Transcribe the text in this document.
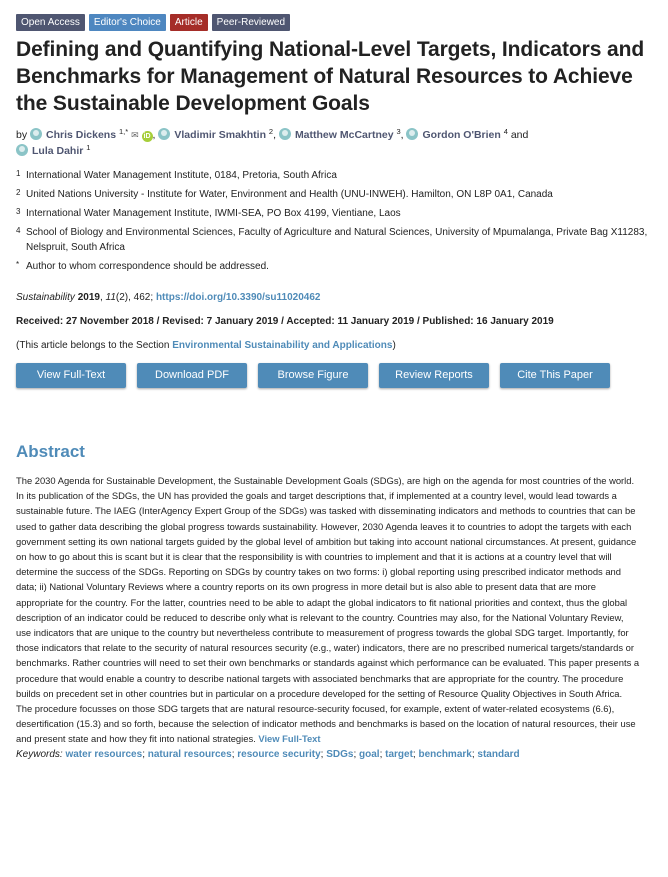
Open Access	Editor's Choice	Article	Peer-Reviewed
Defining and Quantifying National-Level Targets, Indicators and Benchmarks for Management of Natural Resources to Achieve the Sustainable Development Goals
by Chris Dickens $^{1,*}$ ✉ iD , Vladimir Smakhtin $^2$, Matthew McCartney $^3$, Gordon O'Brien $^4$ and
Lula Dahir $^1$
1 International Water Management Institute, 0184, Pretoria, South Africa
2 United Nations University - Institute for Water, Environment and Health (UNU-INWEH). Hamilton, ON L8P 0A1, Canada
3 International Water Management Institute, IWMI-SEA, PO Box 4199, Vientiane, Laos
4 School of Biology and Environmental Sciences, Faculty of Agriculture and Natural Sciences, University of Mpumalanga, Private Bag X11283, Nelspruit, South Africa
* Author to whom correspondence should be addressed.
Sustainability 2019, 11(2), 462; https://doi.org/10.3390/su11020462
Received: 27 November 2018 / Revised: 7 January 2019 / Accepted: 11 January 2019 / Published: 16 January 2019
(This article belongs to the Section Environmental Sustainability and Applications)
View Full-Text	Download PDF	Browse Figure	Review Reports	Cite This Paper
Abstract
The 2030 Agenda for Sustainable Development, the Sustainable Development Goals (SDGs), are high on the agenda for most countries of the world. In its publication of the SDGs, the UN has provided the goals and target descriptions that, if implemented at a country level, would lead towards a sustainable future. The IAEG (InterAgency Expert Group of the SDGs) was tasked with disseminating indicators and methods to countries that can be used to gather data describing the global progress towards sustainability. However, 2030 Agenda leaves it to countries to adopt the targets with each government setting its own national targets guided by the global level of ambition but taking into account national circumstances. At present, guidance on how to go about this is scant but it is clear that the responsibility is with countries to implement and that it is actions at a country level that will determine the success of the SDGs. Reporting on SDGs by country takes on two forms: i) global reporting using prescribed indicator methods and data; ii) National Voluntary Reviews where a country reports on its own progress in more detail but is also able to present data that are more appropriate for the country. For the latter, countries need to be able to adapt the global indicators to fit national priorities and context, thus the global description of an indicator could be reduced to describe only what is relevant to the country. Countries may also, for the National Voluntary Review, use indicators that are unique to the country but nevertheless contribute to measurement of progress towards the global SDG target. Importantly, for those indicators that relate to the security of natural resources security (e.g., water) indicators, there are no prescribed numerical targets/standards or benchmarks. Rather countries will need to set their own benchmarks or standards against which performance can be evaluated. This paper presents a procedure that would enable a country to describe national targets with associated benchmarks that are appropriate for the country. The procedure builds on precedent set in other countries but in particular on a procedure developed for the setting of Resource Quality Objectives in South Africa. The procedure focusses on those SDG targets that are natural resource-security focused, for example, extent of water-related ecosystems (6.6), desertification (15.3) and so forth, because the selection of indicator methods and benchmarks is based on the location of natural resources, their use and present state and how they fit into national strategies. View Full-Text
Keywords: water resources; natural resources; resource security; SDGs; goal; target; benchmark; standard
